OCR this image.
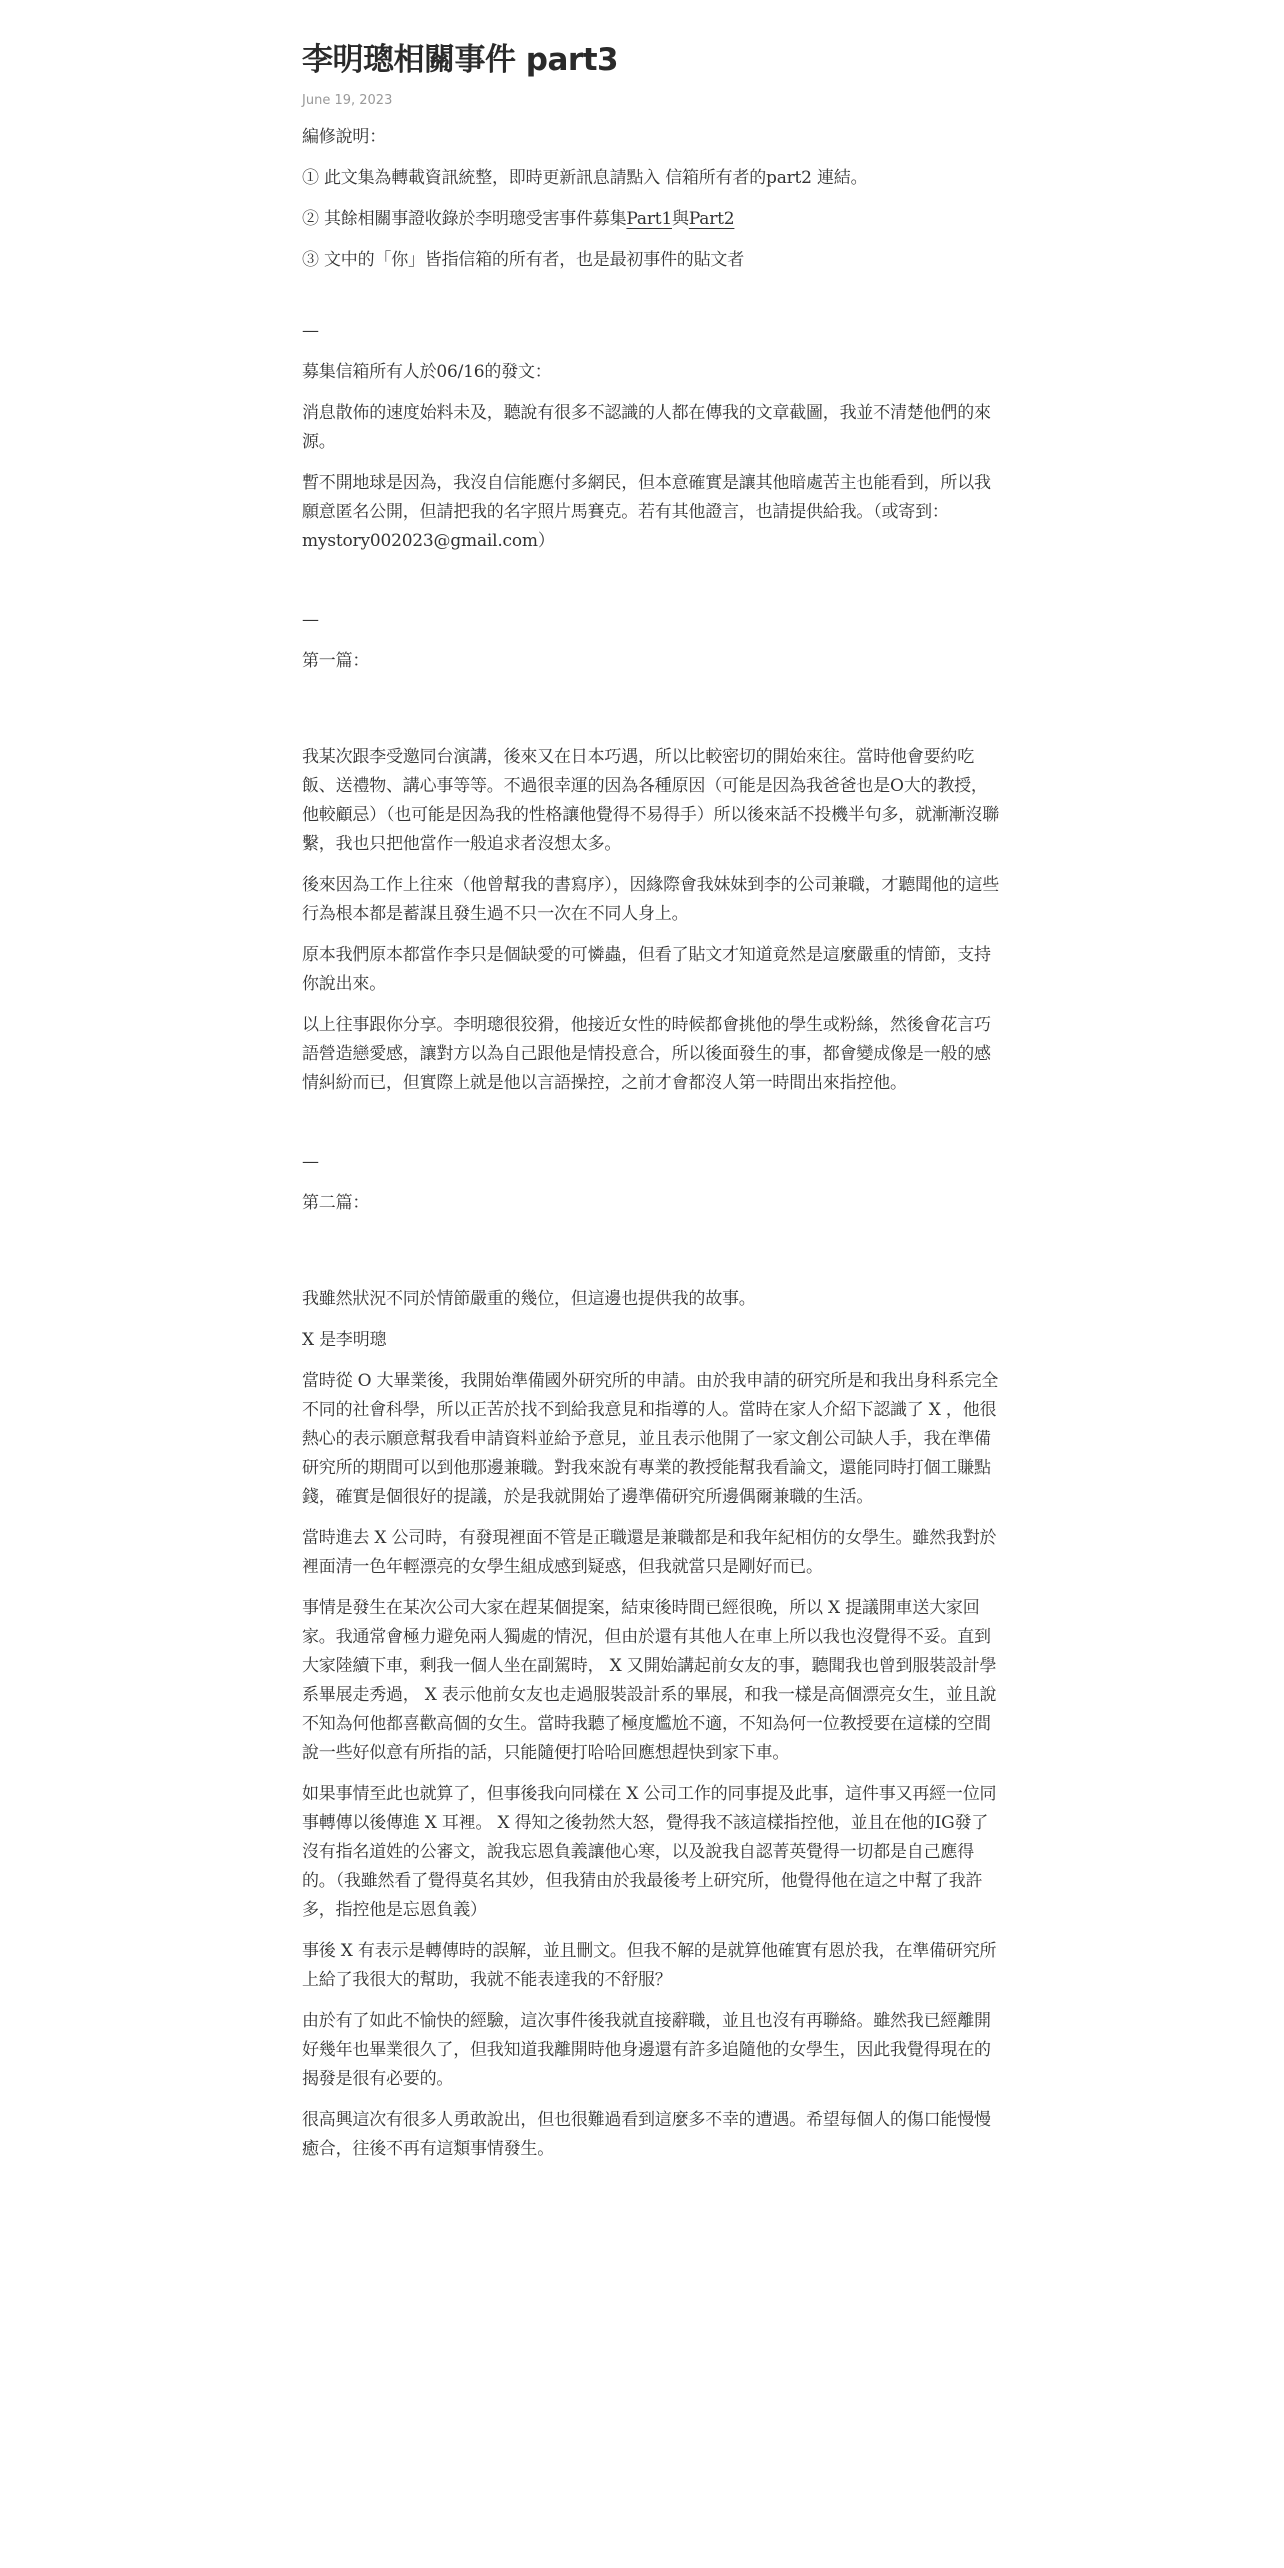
李明璁相關事件 part3
June 19, 2023

編修說明：

① 此文集為轉載資訊統整，即時更新訊息請點入 信箱所有者的part2 連結。

② 其餘相關事證收錄於李明璁受害事件募集Part1與Part2

③ 文中的「你」皆指信箱的所有者，也是最初事件的貼文者

—

募集信箱所有人於06/16的發文：

消息散佈的速度始料未及，聽說有很多不認識的人都在傳我的文章截圖，我並不清楚他們的來源。

暫不開地球是因為，我沒自信能應付多網民，但本意確實是讓其他暗處苦主也能看到，所以我願意匿名公開，但請把我的名字照片馬賽克。若有其他證言，也請提供給我。（或寄到：mystory002023@gmail.com）

—

第一篇：

我某次跟李受邀同台演講，後來又在日本巧遇，所以比較密切的開始來往。當時他會要約吃飯、送禮物、講心事等等。不過很幸運的因為各種原因（可能是因為我爸爸也是O大的教授，他較顧忌）（也可能是因為我的性格讓他覺得不易得手）所以後來話不投機半句多，就漸漸沒聯繫，我也只把他當作一般追求者沒想太多。

後來因為工作上往來（他曾幫我的書寫序），因緣際會我妹妹到李的公司兼職，才聽聞他的這些行為根本都是蓄謀且發生過不只一次在不同人身上。

原本我們原本都當作李只是個缺愛的可憐蟲，但看了貼文才知道竟然是這麼嚴重的情節，支持你說出來。

以上往事跟你分享。李明璁很狡猾，他接近女性的時候都會挑他的學生或粉絲，然後會花言巧語營造戀愛感，讓對方以為自己跟他是情投意合，所以後面發生的事，都會變成像是一般的感情糾紛而已，但實際上就是他以言語操控，之前才會都沒人第一時間出來指控他。

—

第二篇：

我雖然狀況不同於情節嚴重的幾位，但這邊也提供我的故事。

X 是李明璁

當時從 O 大畢業後，我開始準備國外研究所的申請。由於我申請的研究所是和我出身科系完全不同的社會科學，所以正苦於找不到給我意見和指導的人。當時在家人介紹下認識了 X ，他很熱心的表示願意幫我看申請資料並給予意見，並且表示他開了一家文創公司缺人手，我在準備研究所的期間可以到他那邊兼職。對我來說有專業的教授能幫我看論文，還能同時打個工賺點錢，確實是個很好的提議，於是我就開始了邊準備研究所邊偶爾兼職的生活。

當時進去 X 公司時，有發現裡面不管是正職還是兼職都是和我年紀相仿的女學生。雖然我對於裡面清一色年輕漂亮的女學生組成感到疑惑，但我就當只是剛好而已。

事情是發生在某次公司大家在趕某個提案，結束後時間已經很晚，所以 X 提議開車送大家回家。我通常會極力避免兩人獨處的情況，但由於還有其他人在車上所以我也沒覺得不妥。直到大家陸續下車，剩我一個人坐在副駕時， X 又開始講起前女友的事，聽聞我也曾到服裝設計學系畢展走秀過， X 表示他前女友也走過服裝設計系的畢展，和我一樣是高個漂亮女生，並且說不知為何他都喜歡高個的女生。當時我聽了極度尷尬不適，不知為何一位教授要在這樣的空間說一些好似意有所指的話，只能隨便打哈哈回應想趕快到家下車。

如果事情至此也就算了，但事後我向同樣在 X 公司工作的同事提及此事，這件事又再經一位同事轉傳以後傳進 X 耳裡。 X 得知之後勃然大怒，覺得我不該這樣指控他，並且在他的IG發了沒有指名道姓的公審文，說我忘恩負義讓他心寒，以及說我自認菁英覺得一切都是自己應得的。（我雖然看了覺得莫名其妙，但我猜由於我最後考上研究所，他覺得他在這之中幫了我許多，指控他是忘恩負義）

事後 X 有表示是轉傳時的誤解，並且刪文。但我不解的是就算他確實有恩於我，在準備研究所上給了我很大的幫助，我就不能表達我的不舒服？

由於有了如此不愉快的經驗，這次事件後我就直接辭職，並且也沒有再聯絡。雖然我已經離開好幾年也畢業很久了，但我知道我離開時他身邊還有許多追隨他的女學生，因此我覺得現在的揭發是很有必要的。

很高興這次有很多人勇敢說出，但也很難過看到這麼多不幸的遭遇。希望每個人的傷口能慢慢癒合，往後不再有這類事情發生。
